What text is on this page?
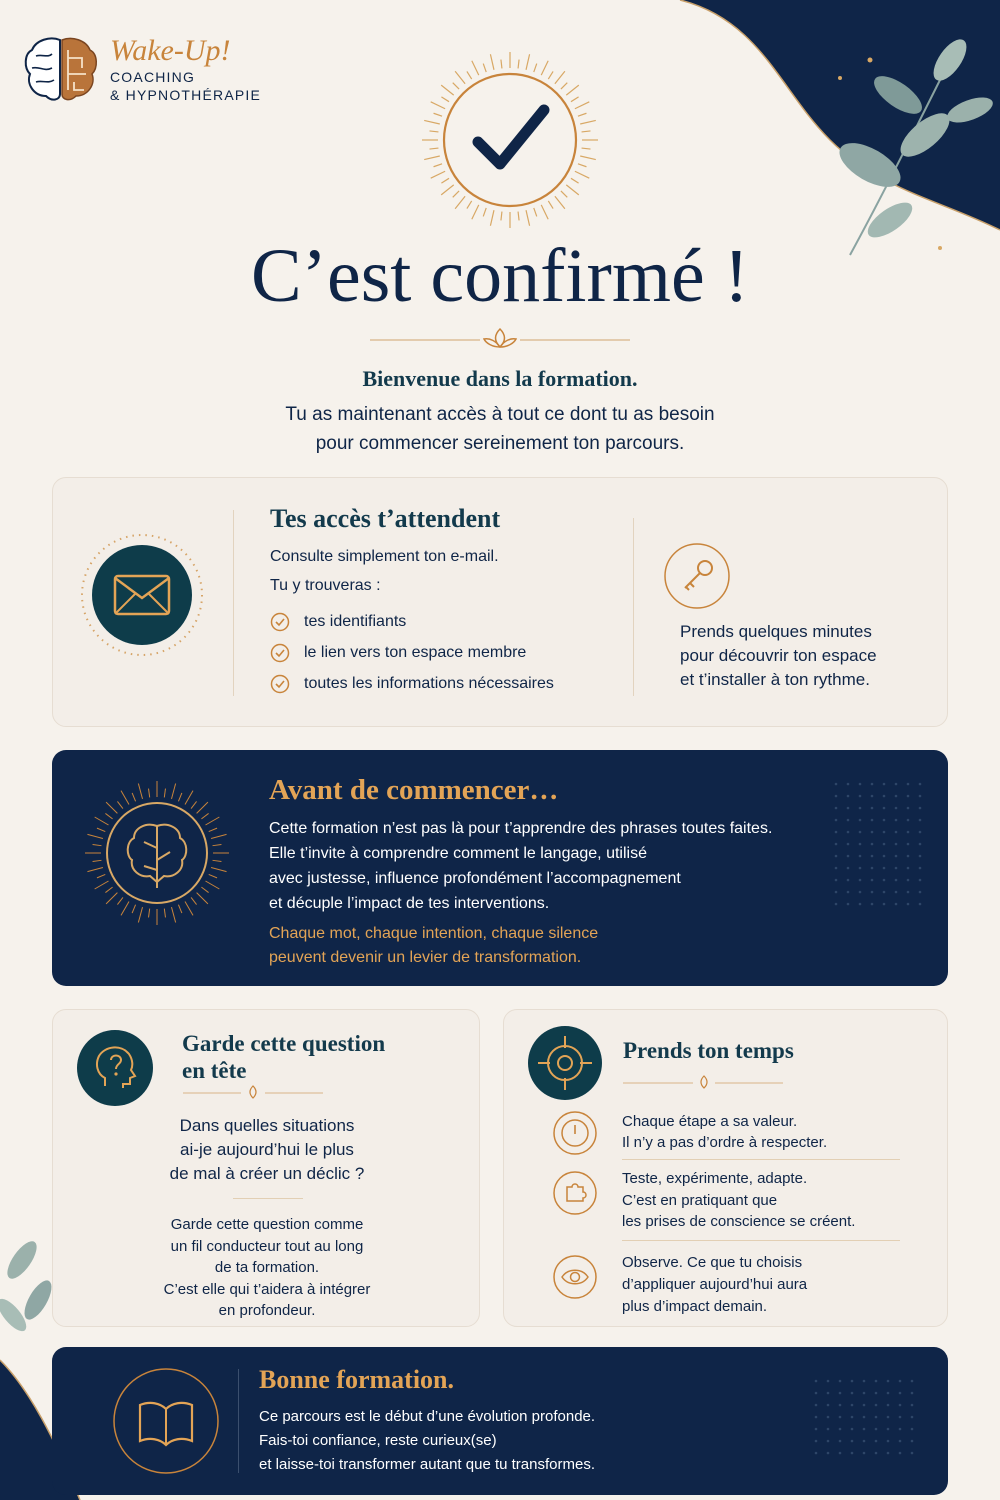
Wake-Up!
COACHING
& HYPNOTHÉRAPIE
C’est confirmé !
Bienvenue dans la formation.
Tu as maintenant accès à tout ce dont tu as besoin
pour commencer sereinement ton parcours.
Tes accès t’attendent
Consulte simplement ton e-mail.
Tu y trouveras :
tes identifiants
le lien vers ton espace membre
toutes les informations nécessaires
Prends quelques minutes
pour découvrir ton espace
et t’installer à ton rythme.
Avant de commencer…
Cette formation n’est pas là pour t’apprendre des phrases toutes faites.
Elle t’invite à comprendre comment le langage, utilisé
avec justesse, influence profondément l’accompagnement
et décuple l’impact de tes interventions.
Chaque mot, chaque intention, chaque silence
peuvent devenir un levier de transformation.
Garde cette question
en tête
Dans quelles situations
ai-je aujourd’hui le plus
de mal à créer un déclic ?
Garde cette question comme
un fil conducteur tout au long
de ta formation.
C’est elle qui t’aidera à intégrer
en profondeur.
Prends ton temps
Chaque étape a sa valeur.
Il n’y a pas d’ordre à respecter.
Teste, expérimente, adapte.
C’est en pratiquant que
les prises de conscience se créent.
Observe. Ce que tu choisis
d’appliquer aujourd’hui aura
plus d’impact demain.
Bonne formation.
Ce parcours est le début d’une évolution profonde.
Fais-toi confiance, reste curieux(se)
et laisse-toi transformer autant que tu transformes.
